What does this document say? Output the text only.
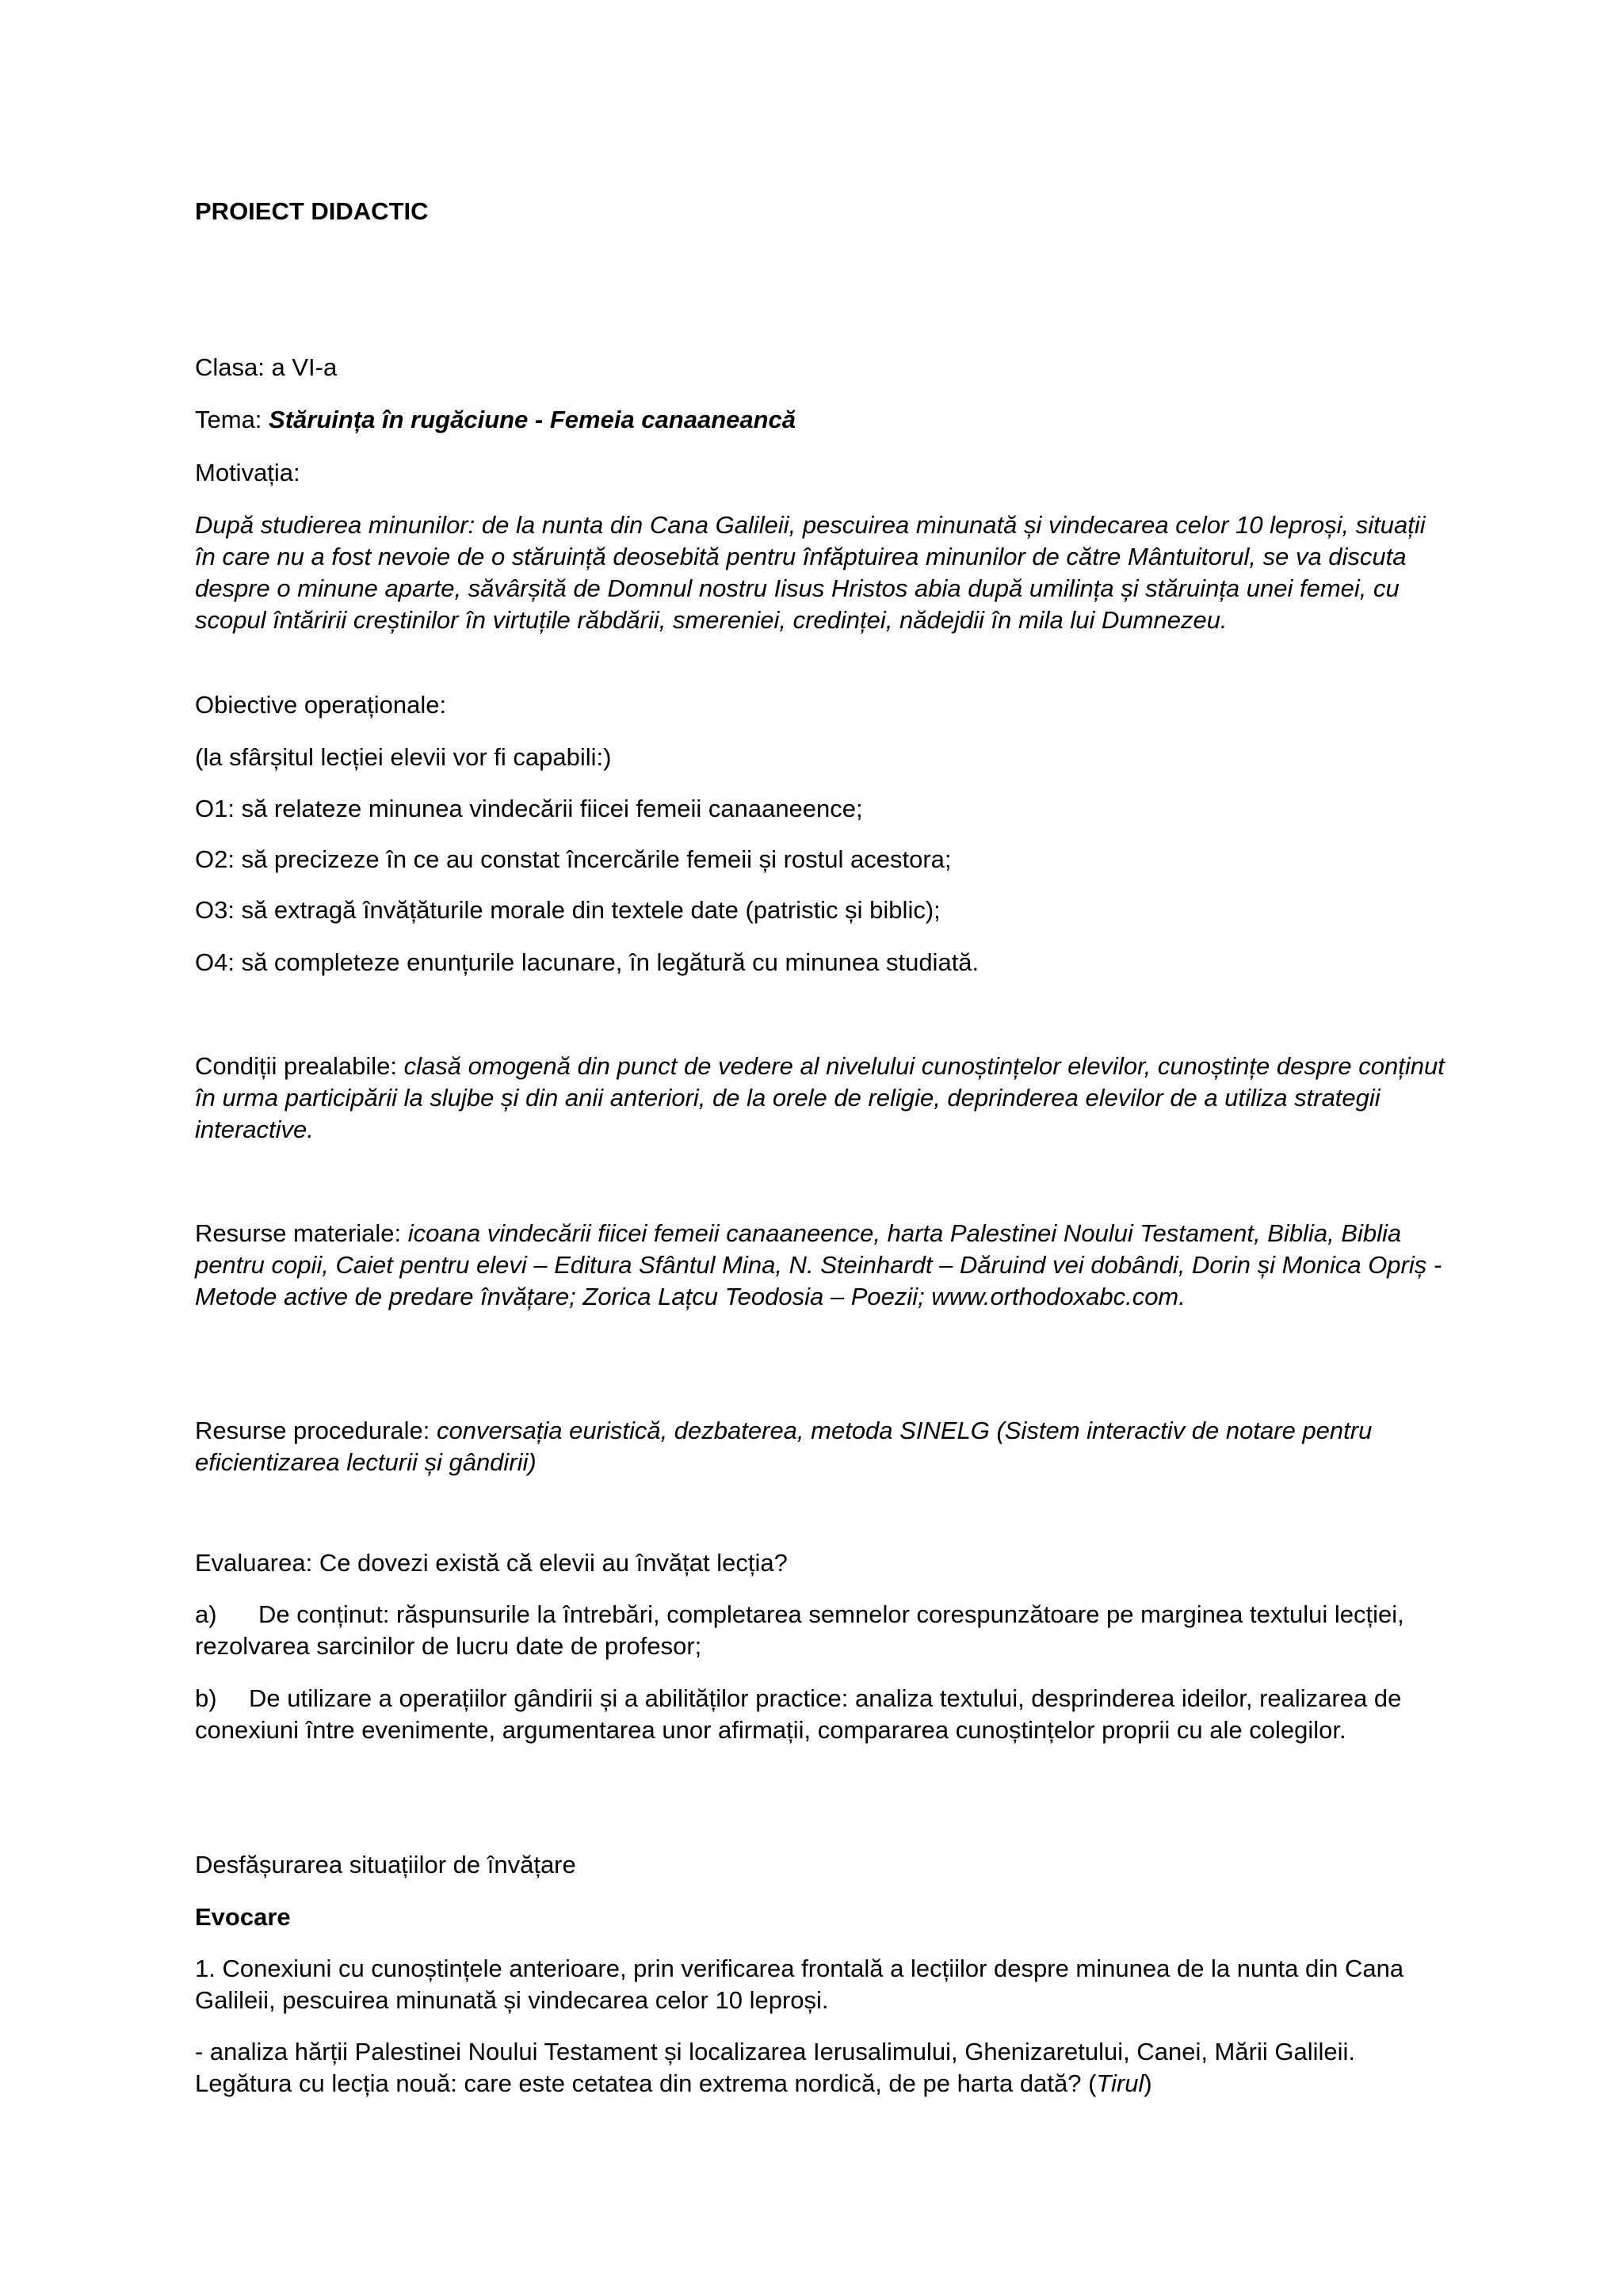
PROIECT DIDACTIC

Clasa: a VI-a

Tema: Stăruința în rugăciune - Femeia canaaneancă

Motivația:

După studierea minunilor: de la nunta din Cana Galileii, pescuirea minunată și vindecarea celor 10 leproși, situații în care nu a fost nevoie de o stăruință deosebită pentru înfăptuirea minunilor de către Mântuitorul, se va discuta despre o minune aparte, săvârșită de Domnul nostru Iisus Hristos abia după umilința și stăruința unei femei, cu scopul întăririi creștinilor în virtuțile răbdării, smereniei, credinței, nădejdii în mila lui Dumnezeu.

Obiective operaționale:

(la sfârșitul lecției elevii vor fi capabili:)

O1: să relateze minunea vindecării fiicei femeii canaaneence;

O2: să precizeze în ce au constat încercările femeii și rostul acestora;

O3: să extragă învățăturile morale din textele date (patristic și biblic);

O4: să completeze enunțurile lacunare, în legătură cu minunea studiată.

Condiții prealabile: clasă omogenă din punct de vedere al nivelului cunoștințelor elevilor, cunoștințe despre conținut în urma participării la slujbe și din anii anteriori, de la orele de religie, deprinderea elevilor de a utiliza strategii interactive.

Resurse materiale: icoana vindecării fiicei femeii canaaneence, harta Palestinei Noului Testament, Biblia, Biblia pentru copii, Caiet pentru elevi – Editura Sfântul Mina, N. Steinhardt – Dăruind vei dobândi, Dorin și Monica Opriș - Metode active de predare învățare; Zorica Lațcu Teodosia – Poezii; www.orthodoxabc.com.

Resurse procedurale: conversația euristică, dezbaterea, metoda SINELG (Sistem interactiv de notare pentru eficientizarea lecturii și gândirii)

Evaluarea: Ce dovezi există că elevii au învățat lecția?

a) De conținut: răspunsurile la întrebări, completarea semnelor corespunzătoare pe marginea textului lecției, rezolvarea sarcinilor de lucru date de profesor;

b) De utilizare a operațiilor gândirii și a abilităților practice: analiza textului, desprinderea ideilor, realizarea de conexiuni între evenimente, argumentarea unor afirmații, compararea cunoștințelor proprii cu ale colegilor.

Desfășurarea situațiilor de învățare

Evocare

1. Conexiuni cu cunoștințele anterioare, prin verificarea frontală a lecțiilor despre minunea de la nunta din Cana Galileii, pescuirea minunată și vindecarea celor 10 leproși.

- analiza hărții Palestinei Noului Testament și localizarea Ierusalimului, Ghenizaretului, Canei, Mării Galileii. Legătura cu lecția nouă: care este cetatea din extrema nordică, de pe harta dată? (Tirul)
